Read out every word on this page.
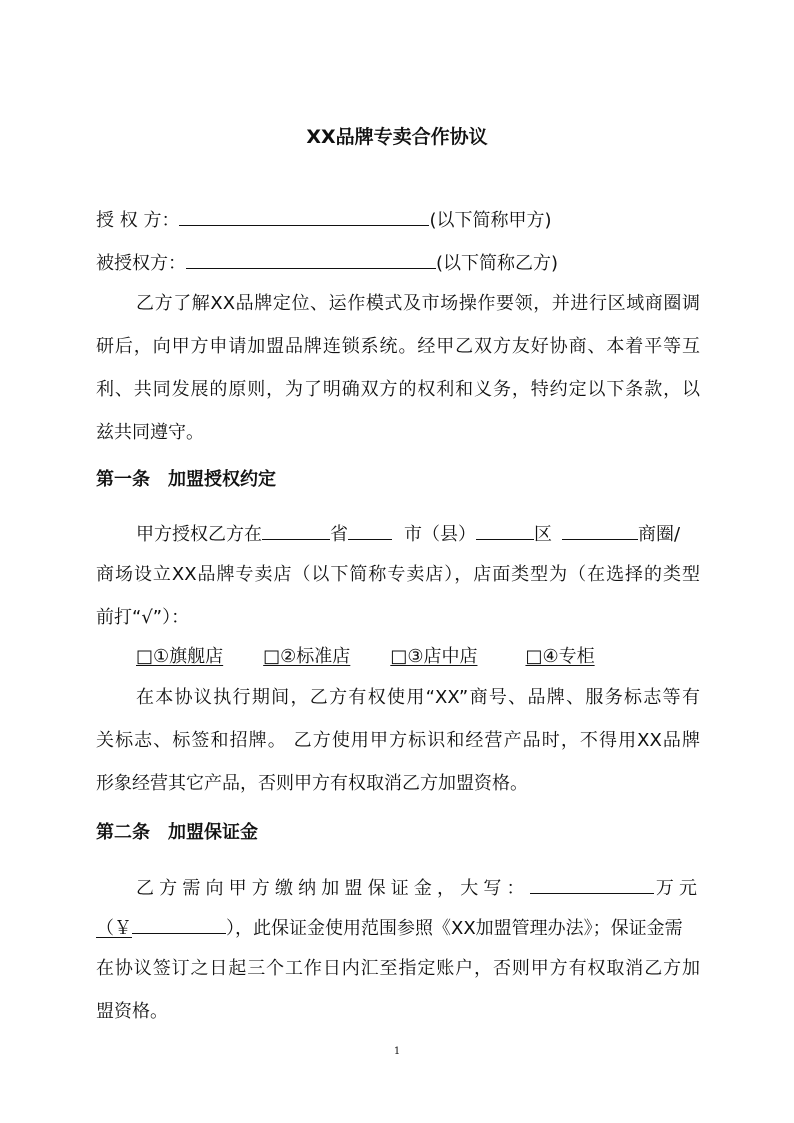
XX品牌专卖合作协议
授 权 方：	(以下简称甲方)
被授权方：	(以下简称乙方)
乙方了解XX品牌定位、运作模式及市场操作要领，并进行区域商圈调
研后，向甲方申请加盟品牌连锁系统。经甲乙双方友好协商、本着平等互
利、共同发展的原则，为了明确双方的权利和义务，特约定以下条款，以
兹共同遵守。
第一条　加盟授权约定
甲方授权乙方在	省	市（县）	区	商圈/
商场设立XX品牌专卖店（以下简称专卖店），店面类型为（在选择的类型
前打“√”）：
□①旗舰店 □②标准店 □③店中店	□④专柜
在本协议执行期间，乙方有权使用“XX”商号、品牌、服务标志等有
关标志、标签和招牌。 乙方使用甲方标识和经营产品时，不得用XX品牌
形象经营其它产品，否则甲方有权取消乙方加盟资格。
第二条　加盟保证金
乙方需向甲方缴纳加盟保证金，大写：	万元
（￥	），此保证金使用范围参照《XX加盟管理办法》；保证金需
在协议签订之日起三个工作日内汇至指定账户，否则甲方有权取消乙方加
盟资格。
1
